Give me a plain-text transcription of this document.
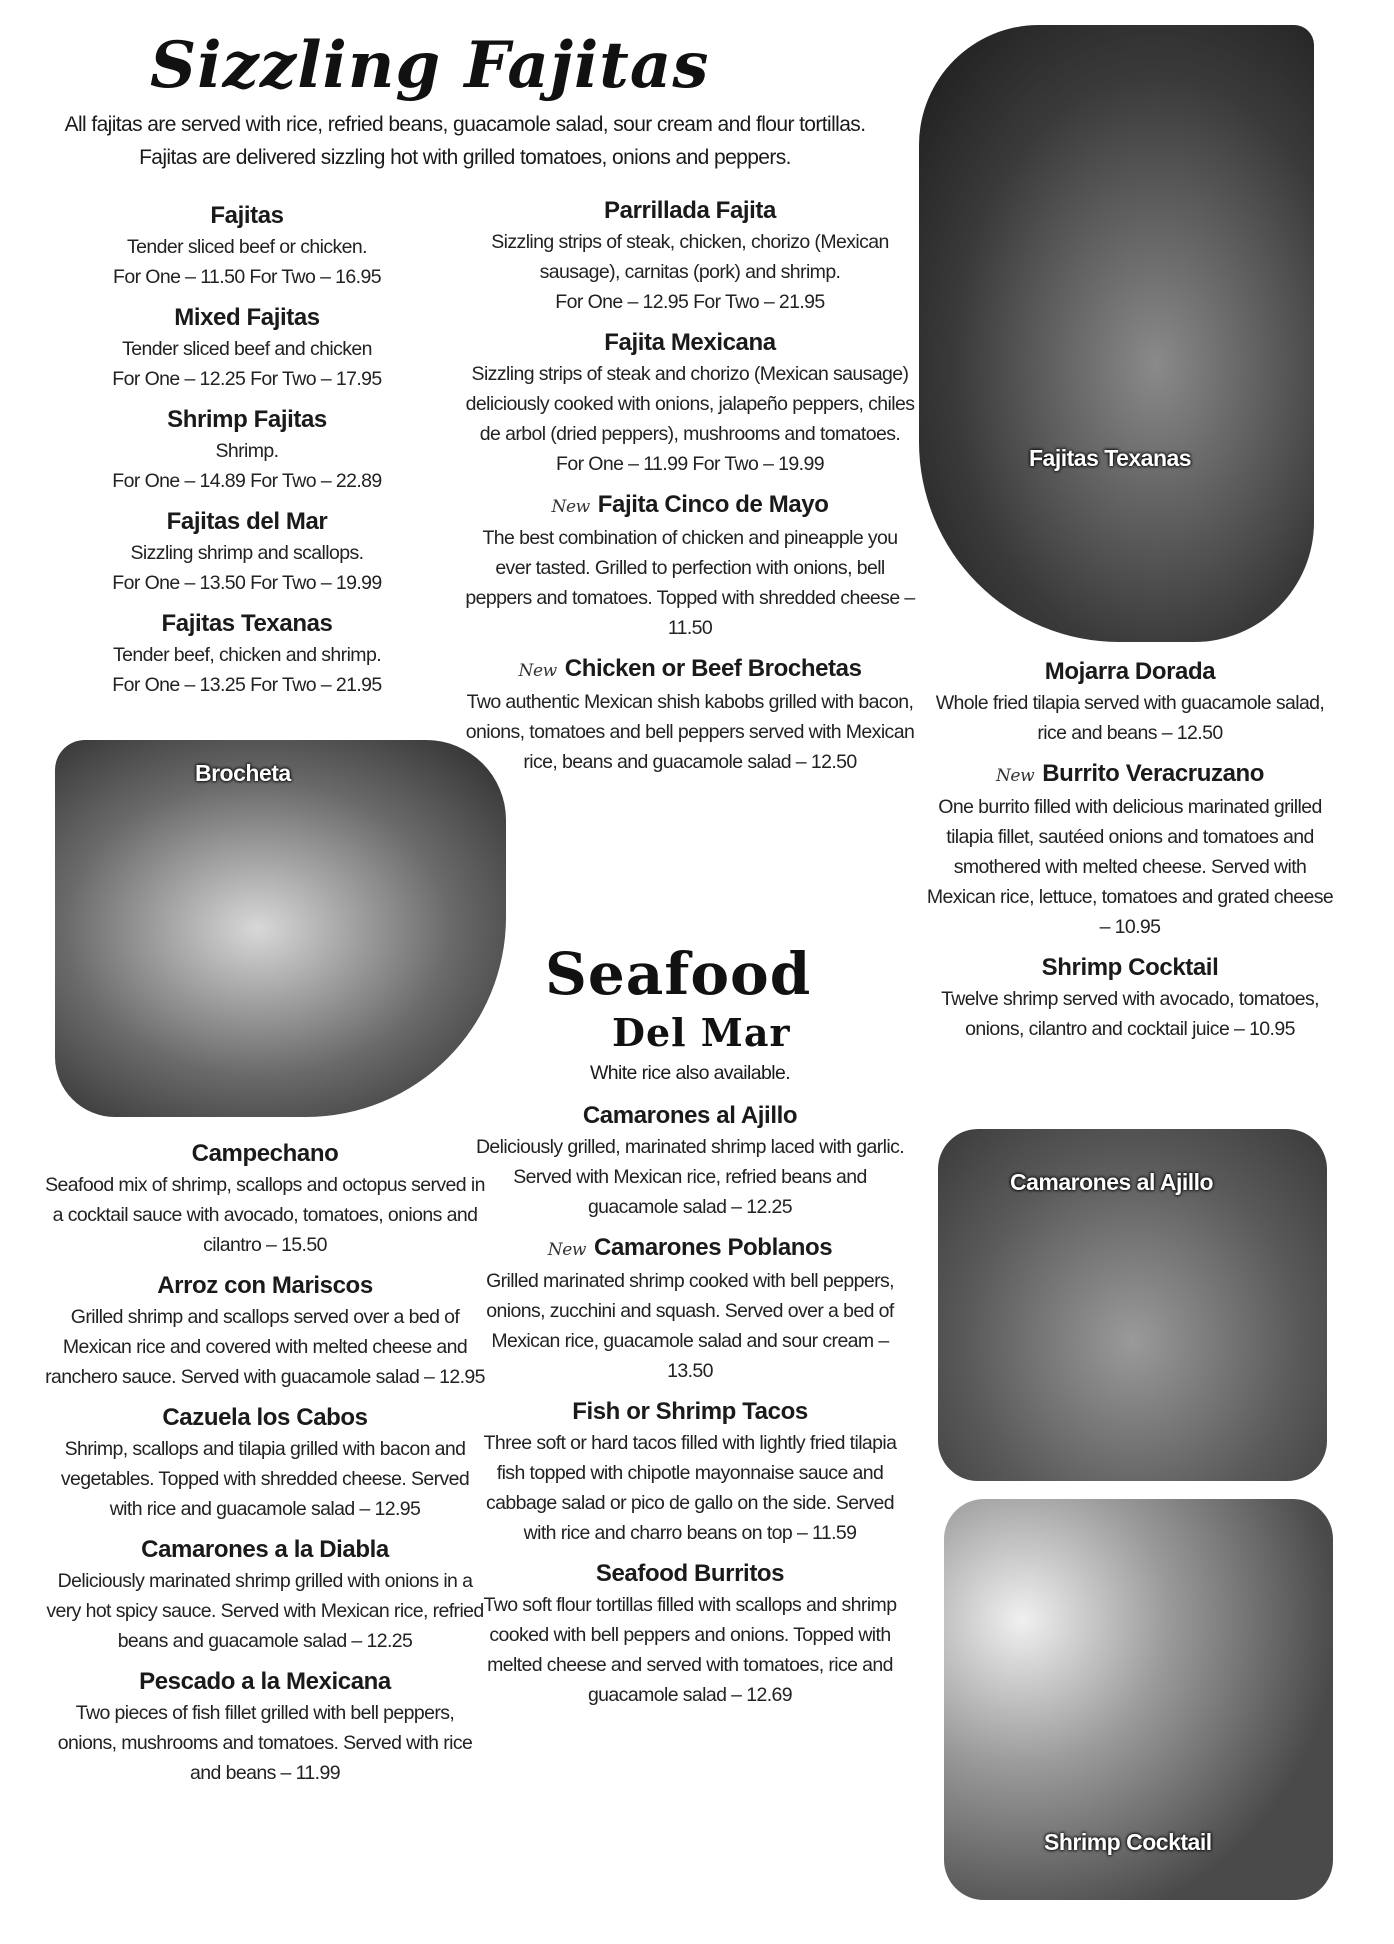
Sizzling Fajitas
All fajitas are served with rice, refried beans, guacamole salad, sour cream and flour tortillas. Fajitas are delivered sizzling hot with grilled tomatoes, onions and peppers.
Fajitas

Tender sliced beef or chicken.

For One – 11.50 For Two – 16.95

Mixed Fajitas

Tender sliced beef and chicken

For One – 12.25 For Two – 17.95

Shrimp Fajitas

Shrimp.

For One – 14.89 For Two – 22.89

Fajitas del Mar

Sizzling shrimp and scallops.

For One – 13.50 For Two – 19.99

Fajitas Texanas

Tender beef, chicken and shrimp.

For One – 13.25 For Two – 21.95

Parrillada Fajita

Sizzling strips of steak, chicken, chorizo (Mexican sausage), carnitas (pork) and shrimp.

For One – 12.95 For Two – 21.95

Fajita Mexicana

Sizzling strips of steak and chorizo (Mexican sausage) deliciously cooked with onions, jalapeño peppers, chiles de arbol (dried peppers), mushrooms and tomatoes.

For One – 11.99 For Two – 19.99

New Fajita Cinco de Mayo

The best combination of chicken and pineapple you ever tasted. Grilled to perfection with onions, bell peppers and tomatoes. Topped with shredded cheese – 11.50

New Chicken or Beef Brochetas

Two authentic Mexican shish kabobs grilled with bacon, onions, tomatoes and bell peppers served with Mexican rice, beans and guacamole salad – 12.50

Seafood
Del Mar
White rice also available.
Camarones al Ajillo

Deliciously grilled, marinated shrimp laced with garlic. Served with Mexican rice, refried beans and guacamole salad – 12.25

New Camarones Poblanos

Grilled marinated shrimp cooked with bell peppers, onions, zucchini and squash. Served over a bed of Mexican rice, guacamole salad and sour cream – 13.50

Fish or Shrimp Tacos

Three soft or hard tacos filled with lightly fried tilapia fish topped with chipotle mayonnaise sauce and cabbage salad or pico de gallo on the side. Served with rice and charro beans on top – 11.59

Seafood Burritos

Two soft flour tortillas filled with scallops and shrimp cooked with bell peppers and onions. Topped with melted cheese and served with tomatoes, rice and guacamole salad – 12.69

Campechano

Seafood mix of shrimp, scallops and octopus served in a cocktail sauce with avocado, tomatoes, onions and cilantro – 15.50

Arroz con Mariscos

Grilled shrimp and scallops served over a bed of Mexican rice and covered with melted cheese and ranchero sauce. Served with guacamole salad – 12.95

Cazuela los Cabos

Shrimp, scallops and tilapia grilled with bacon and vegetables. Topped with shredded cheese. Served with rice and guacamole salad – 12.95

Camarones a la Diabla

Deliciously marinated shrimp grilled with onions in a very hot spicy sauce. Served with Mexican rice, refried beans and guacamole salad – 12.25

Pescado a la Mexicana

Two pieces of fish fillet grilled with bell peppers, onions, mushrooms and tomatoes. Served with rice and beans – 11.99

Mojarra Dorada

Whole fried tilapia served with guacamole salad, rice and beans – 12.50

New Burrito Veracruzano

One burrito filled with delicious marinated grilled tilapia fillet, sautéed onions and tomatoes and smothered with melted cheese. Served with Mexican rice, lettuce, tomatoes and grated cheese – 10.95

Shrimp Cocktail

Twelve shrimp served with avocado, tomatoes, onions, cilantro and cocktail juice – 10.95

Fajitas Texanas
Brocheta
Camarones al Ajillo
Shrimp Cocktail
